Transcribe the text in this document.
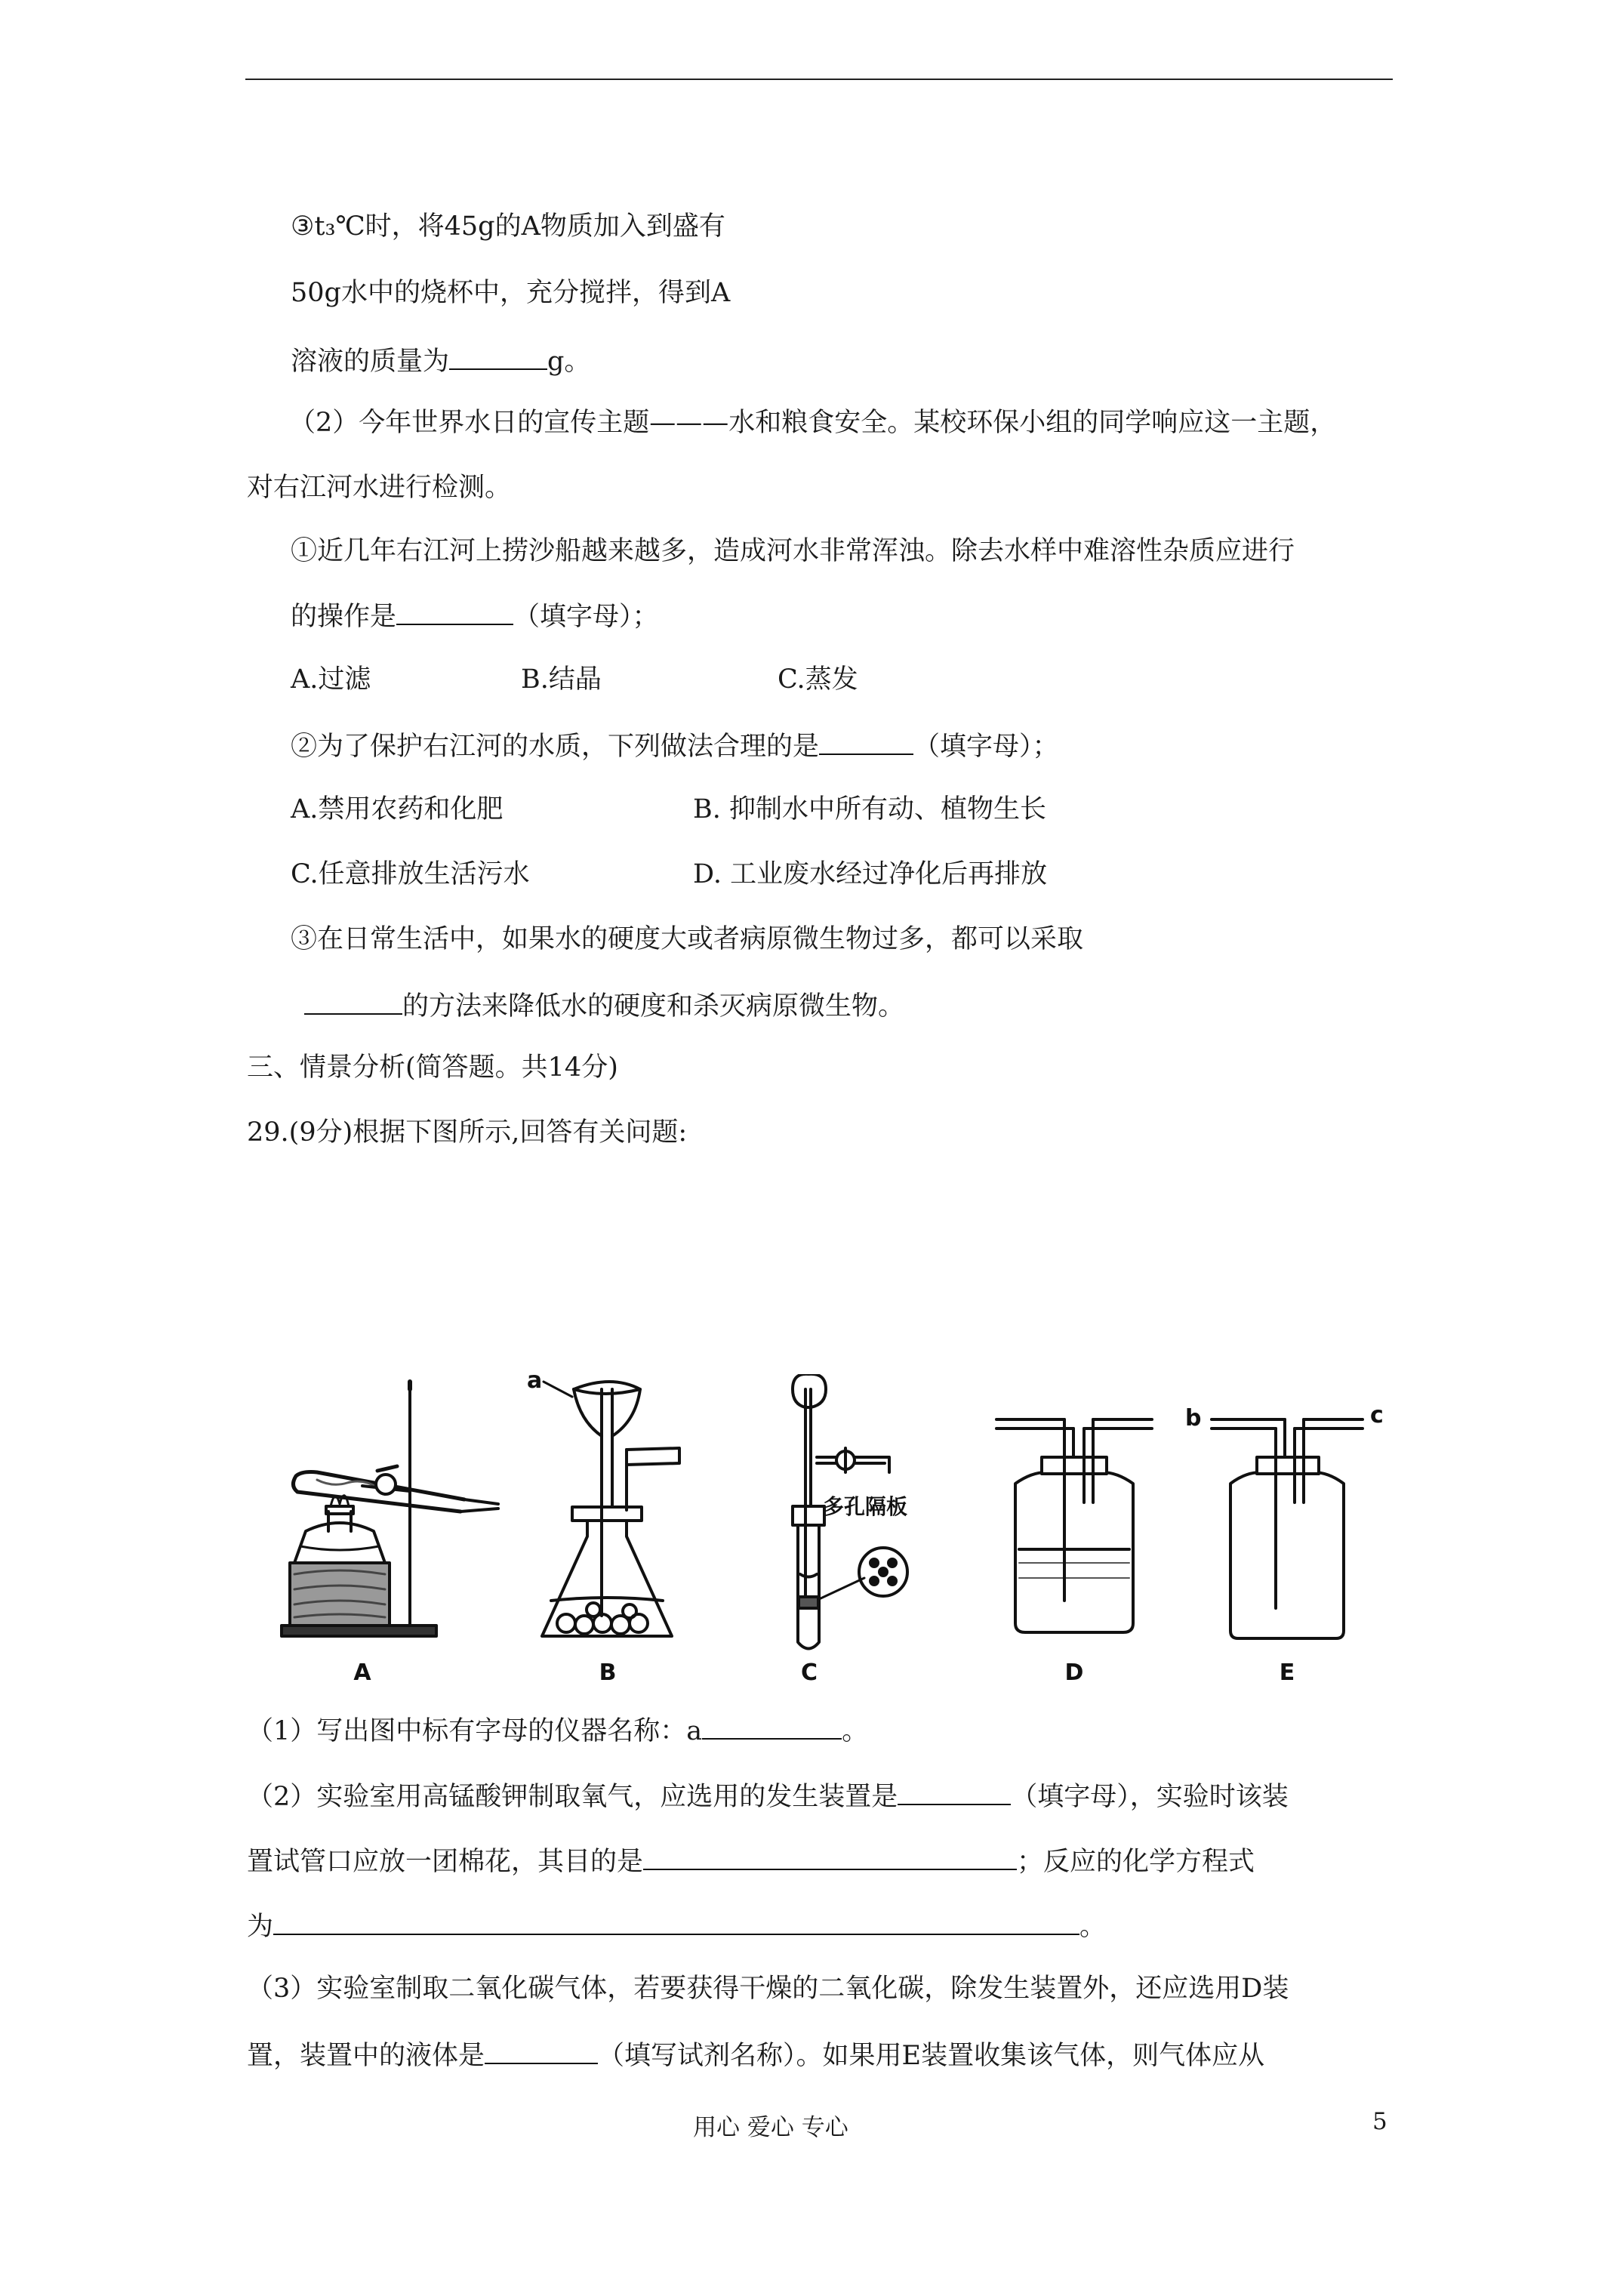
③t₃℃时，将45g的A物质加入到盛有
50g水中的烧杯中，充分搅拌，得到A
溶液的质量为	g。
（2）今年世界水日的宣传主题———水和粮食安全。某校环保小组的同学响应这一主题，
对右江河水进行检测。
①近几年右江河上捞沙船越来越多，造成河水非常浑浊。除去水样中难溶性杂质应进行
的操作是	（填字母）；
A.过滤	B.结晶	C.蒸发
②为了保护右江河的水质，下列做法合理的是	（填字母）；
A.禁用农药和化肥	B. 抑制水中所有动、植物生长
C.任意排放生活污水	D. 工业废水经过净化后再排放
③在日常生活中，如果水的硬度大或者病原微生物过多，都可以采取
的方法来降低水的硬度和杀灭病原微生物。
三、情景分析(简答题。共14分)
29.(9分)根据下图所示,回答有关问题:
A	B	C	D	E
a
b	c
多孔隔板
（1）写出图中标有字母的仪器名称：a	。
（2）实验室用高锰酸钾制取氧气，应选用的发生装置是	（填字母），实验时该装
置试管口应放一团棉花，其目的是	；反应的化学方程式
为	。
（3）实验室制取二氧化碳气体，若要获得干燥的二氧化碳，除发生装置外，还应选用D装
置，装置中的液体是	（填写试剂名称）。如果用E装置收集该气体，则气体应从
用心 爱心 专心	5
